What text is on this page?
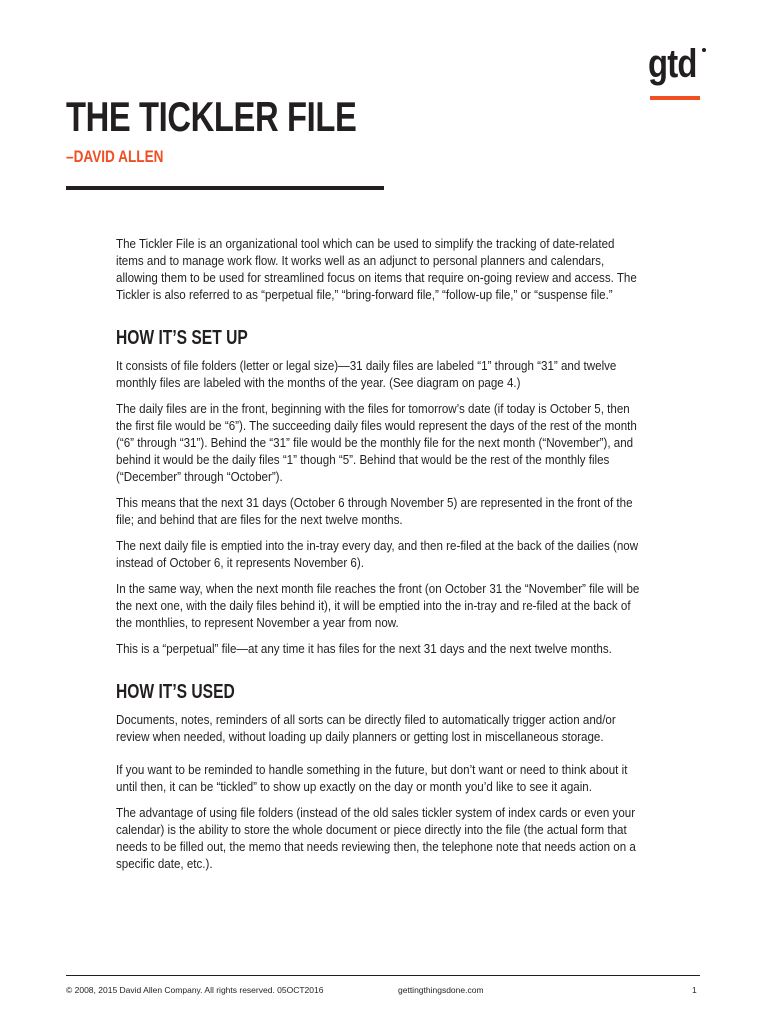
gtd
THE TICKLER FILE
–DAVID ALLEN

The Tickler File is an organizational tool which can be used to simplify the tracking of date-related items and to manage work flow. It works well as an adjunct to personal planners and calendars, allowing them to be used for streamlined focus on items that require on-going review and access. The Tickler is also referred to as “perpetual file,” “bring-forward file,” “follow-up file,” or “suspense file.”

HOW IT’S SET UP

It consists of file folders (letter or legal size)—31 daily files are labeled “1” through “31” and twelve monthly files are labeled with the months of the year. (See diagram on page 4.)

The daily files are in the front, beginning with the files for tomorrow’s date (if today is October 5, then the first file would be “6”). The succeeding daily files would represent the days of the rest of the month (“6” through “31”). Behind the “31” file would be the monthly file for the next month (“November”), and behind it would be the daily files “1” though “5”. Behind that would be the rest of the monthly files (“December” through “October”).

This means that the next 31 days (October 6 through November 5) are represented in the front of the file; and behind that are files for the next twelve months.

The next daily file is emptied into the in-tray every day, and then re-filed at the back of the dailies (now instead of October 6, it represents November 6).

In the same way, when the next month file reaches the front (on October 31 the “November” file will be the next one, with the daily files behind it), it will be emptied into the in-tray and re-filed at the back of the monthlies, to represent November a year from now.

This is a “perpetual” file—at any time it has files for the next 31 days and the next twelve months.

HOW IT’S USED

Documents, notes, reminders of all sorts can be directly filed to automatically trigger action and/or review when needed, without loading up daily planners or getting lost in miscellaneous storage.

If you want to be reminded to handle something in the future, but don’t want or need to think about it until then, it can be “tickled” to show up exactly on the day or month you’d like to see it again.

The advantage of using file folders (instead of the old sales tickler system of index cards or even your calendar) is the ability to store the whole document or piece directly into the file (the actual form that needs to be filled out, the memo that needs reviewing then, the telephone note that needs action on a specific date, etc.).

© 2008, 2015 David Allen Company. All rights reserved. 05OCT2016	gettingthingsdone.com	1
